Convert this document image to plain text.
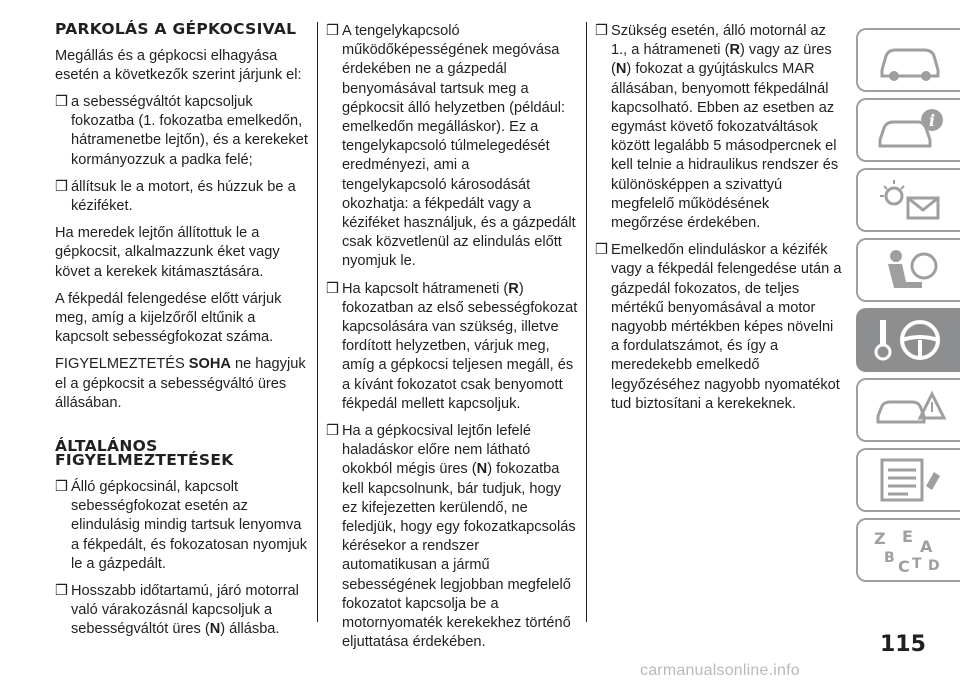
PARKOLÁS A GÉPKOCSIVAL

Megállás és a gépkocsi elhagyása esetén a következők szerint járjunk el:

❒ a sebességváltót kapcsoljuk fokozatba (1. fokozatba emelkedőn, hátramenetbe lejtőn), és a kerekeket kormányozzuk a padka felé;
❒ állítsuk le a motort, és húzzuk be a kéziféket.

Ha meredek lejtőn állítottuk le a gépkocsit, alkalmazzunk éket vagy követ a kerekek kitámasztására.

A fékpedál felengedése előtt várjuk meg, amíg a kijelzőről eltűnik a kapcsolt sebességfokozat száma.

FIGYELMEZTETÉS SOHA ne hagyjuk el a gépkocsit a sebességváltó üres állásában.

ÁLTALÁNOS FIGYELMEZTETÉSEK
❒ Álló gépkocsinál, kapcsolt sebességfokozat esetén az elindulásig mindig tartsuk lenyomva a fékpedált, és fokozatosan nyomjuk le a gázpedált.
❒ Hosszabb időtartamú, járó motorral való várakozásnál kapcsoljuk a sebességváltót üres (N) állásba.
❒ A tengelykapcsoló működőképességének megóvása érdekében ne a gázpedál benyomásával tartsuk meg a gépkocsit álló helyzetben (például: emelkedőn megálláskor). Ez a tengelykapcsoló túlmelegedését eredményezi, ami a tengelykapcsoló károsodását okozhatja: a fékpedált vagy a kéziféket használjuk, és a gázpedált csak közvetlenül az elindulás előtt nyomjuk le.
❒ Ha kapcsolt hátrameneti (R) fokozatban az első sebességfokozat kapcsolására van szükség, illetve fordított helyzetben, várjuk meg, amíg a gépkocsi teljesen megáll, és a kívánt fokozatot csak benyomott fékpedál mellett kapcsoljuk.
❒ Ha a gépkocsival lejtőn lefelé haladáskor előre nem látható okokból mégis üres (N) fokozatba kell kapcsolnunk, bár tudjuk, hogy ez kifejezetten kerülendő, ne feledjük, hogy egy fokozatkapcsolás kérésekor a rendszer automatikusan a jármű sebességének legjobban megfelelő fokozatot kapcsolja be a motornyomaték kerekekhez történő eljuttatása érdekében.
❒ Szükség esetén, álló motornál az 1., a hátrameneti (R) vagy az üres (N) fokozat a gyújtáskulcs MAR állásában, benyomott fékpedálnál kapcsolható. Ebben az esetben az egymást követő fokozatváltások között legalább 5 másodpercnek el kell telnie a hidraulikus rendszer és különösképpen a szivattyú megfelelő működésének megőrzése érdekében.
❒ Emelkedőn elinduláskor a kézifék vagy a fékpedál felengedése után a gázpedál fokozatos, de teljes mértékű benyomásával a motor nagyobb mértékben képes növelni a fordulatszámot, és így a meredekebb emelkedő legyőzéséhez nagyobb nyomatékot tud biztosítani a kerekeknek.
i
Z E
A
B C T D
115
carmanualsonline.info
